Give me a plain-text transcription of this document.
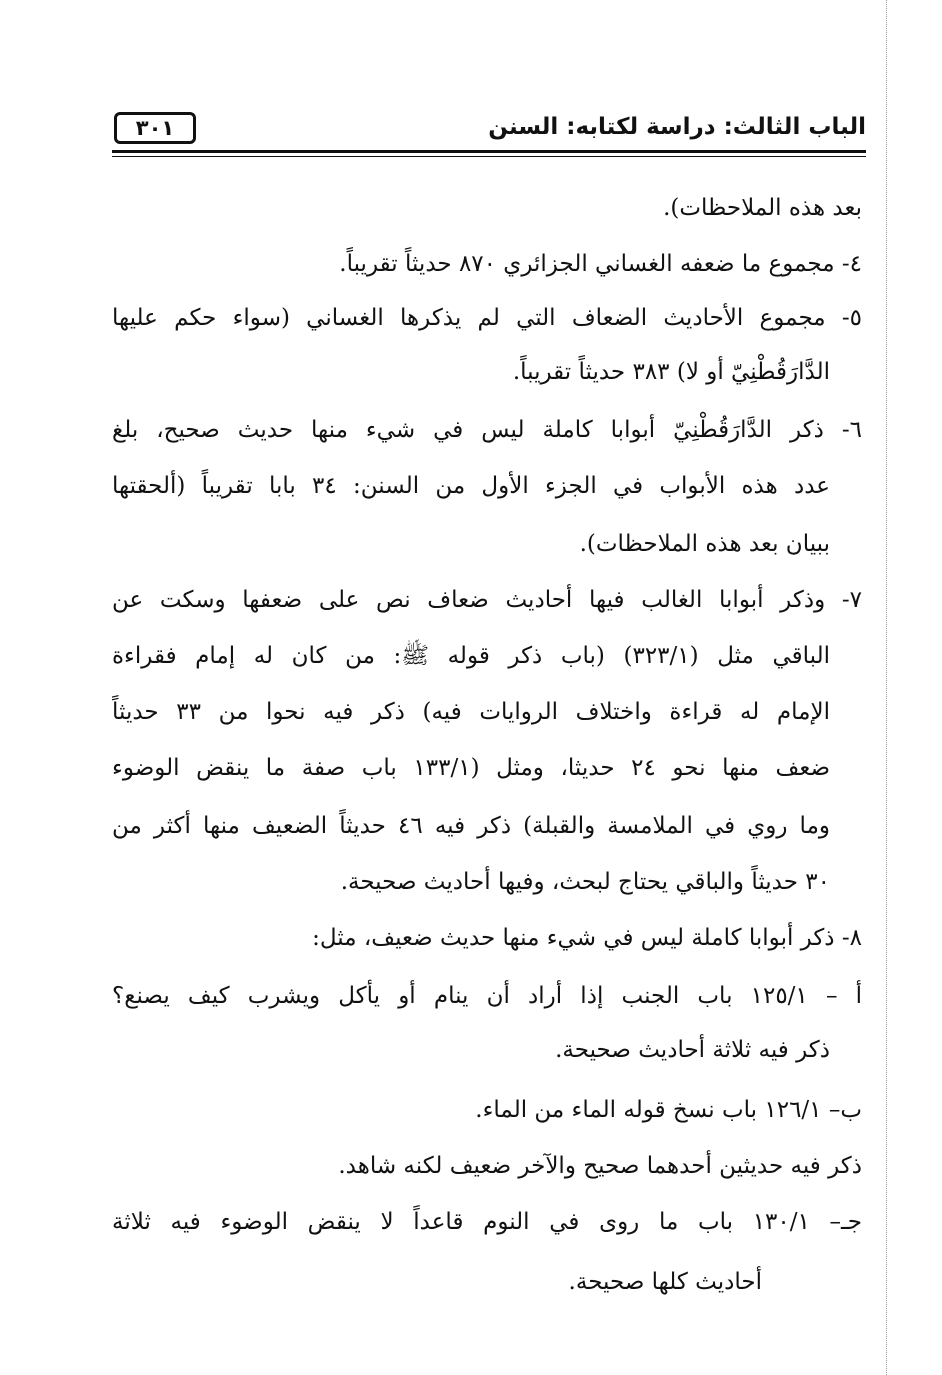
الباب الثالث: دراسة لكتابه: السنن
٣٠١
بعد هذه الملاحظات).
٤- مجموع ما ضعفه الغساني الجزائري ٨٧٠ حديثاً تقريباً.
٥- مجموع الأحاديث الضعاف التي لم يذكرها الغساني (سواء حكم عليها
الدَّارَقُطْنِيّ أو لا) ٣٨٣ حديثاً تقريباً.
٦- ذكر الدَّارَقُطْنِيّ أبوابا كاملة ليس في شيء منها حديث صحيح، بلغ
عدد هذه الأبواب في الجزء الأول من السنن: ٣٤ بابا تقريباً (ألحقتها
ببيان بعد هذه الملاحظات).
٧- وذكر أبوابا الغالب فيها أحاديث ضعاف نص على ضعفها وسكت عن
الباقي مثل (٣٢٣/١) (باب ذكر قوله ﷺ: من كان له إمام فقراءة
الإمام له قراءة واختلاف الروايات فيه) ذكر فيه نحوا من ٣٣ حديثاً
ضعف منها نحو ٢٤ حديثا، ومثل (١٣٣/١ باب صفة ما ينقض الوضوء
وما روي في الملامسة والقبلة) ذكر فيه ٤٦ حديثاً الضعيف منها أكثر من
٣٠ حديثاً والباقي يحتاج لبحث، وفيها أحاديث صحيحة.
٨- ذكر أبوابا كاملة ليس في شيء منها حديث ضعيف، مثل:
أ – ١٢٥/١ باب الجنب إذا أراد أن ينام أو يأكل ويشرب كيف يصنع؟
ذكر فيه ثلاثة أحاديث صحيحة.
ب– ١٢٦/١ باب نسخ قوله الماء من الماء.
ذكر فيه حديثين أحدهما صحيح والآخر ضعيف لكنه شاهد.
جـ– ١٣٠/١ باب ما روى في النوم قاعداً لا ينقض الوضوء فيه ثلاثة
أحاديث كلها صحيحة.
